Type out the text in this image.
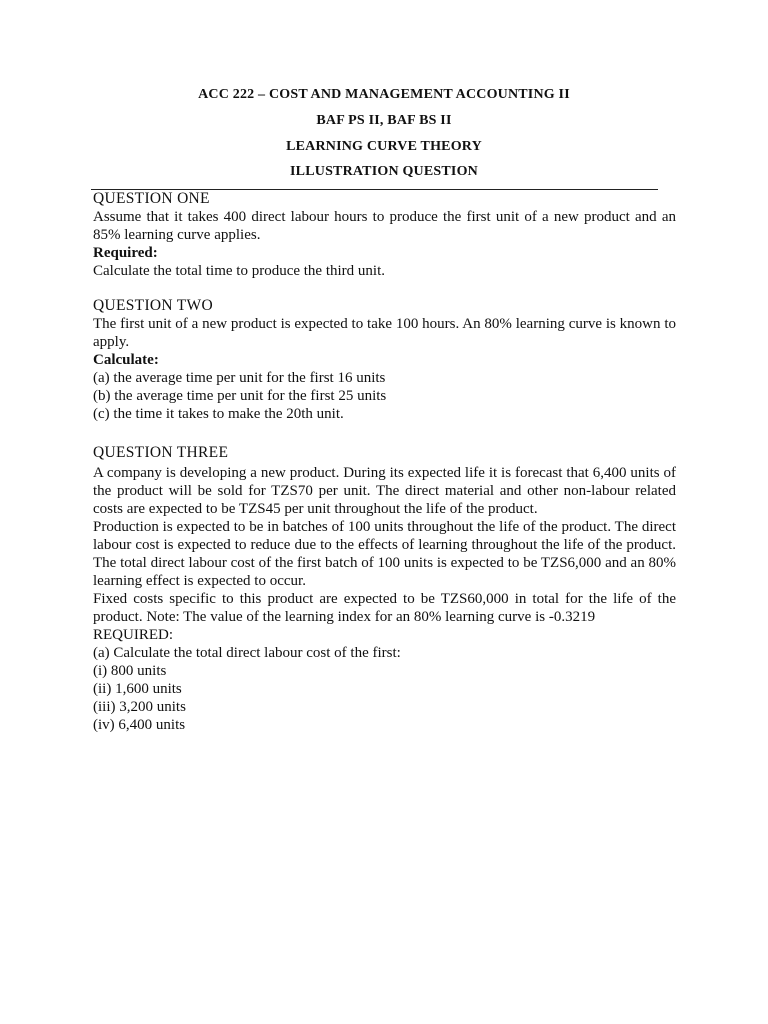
ACC 222 – COST AND MANAGEMENT ACCOUNTING II
BAF PS II, BAF BS II
LEARNING CURVE THEORY
ILLUSTRATION QUESTION
QUESTION ONE
Assume that it takes 400 direct labour hours to produce the first unit of a new product and an 85% learning curve applies.
Required:
Calculate the total time to produce the third unit.
QUESTION TWO
The first unit of a new product is expected to take 100 hours. An 80% learning curve is known to apply.
Calculate:
(a) the average time per unit for the first 16 units
(b) the average time per unit for the first 25 units
(c) the time it takes to make the 20th unit.
QUESTION THREE
A company is developing a new product. During its expected life it is forecast that 6,400 units of the product will be sold for TZS70 per unit. The direct material and other non-labour related costs are expected to be TZS45 per unit throughout the life of the product.
Production is expected to be in batches of 100 units throughout the life of the product. The direct labour cost is expected to reduce due to the effects of learning throughout the life of the product. The total direct labour cost of the first batch of 100 units is expected to be TZS6,000 and an 80% learning effect is expected to occur.
Fixed costs specific to this product are expected to be TZS60,000 in total for the life of the product. Note: The value of the learning index for an 80% learning curve is -0.3219
REQUIRED:
(a) Calculate the total direct labour cost of the first:
(i) 800 units
(ii) 1,600 units
(iii) 3,200 units
(iv) 6,400 units
